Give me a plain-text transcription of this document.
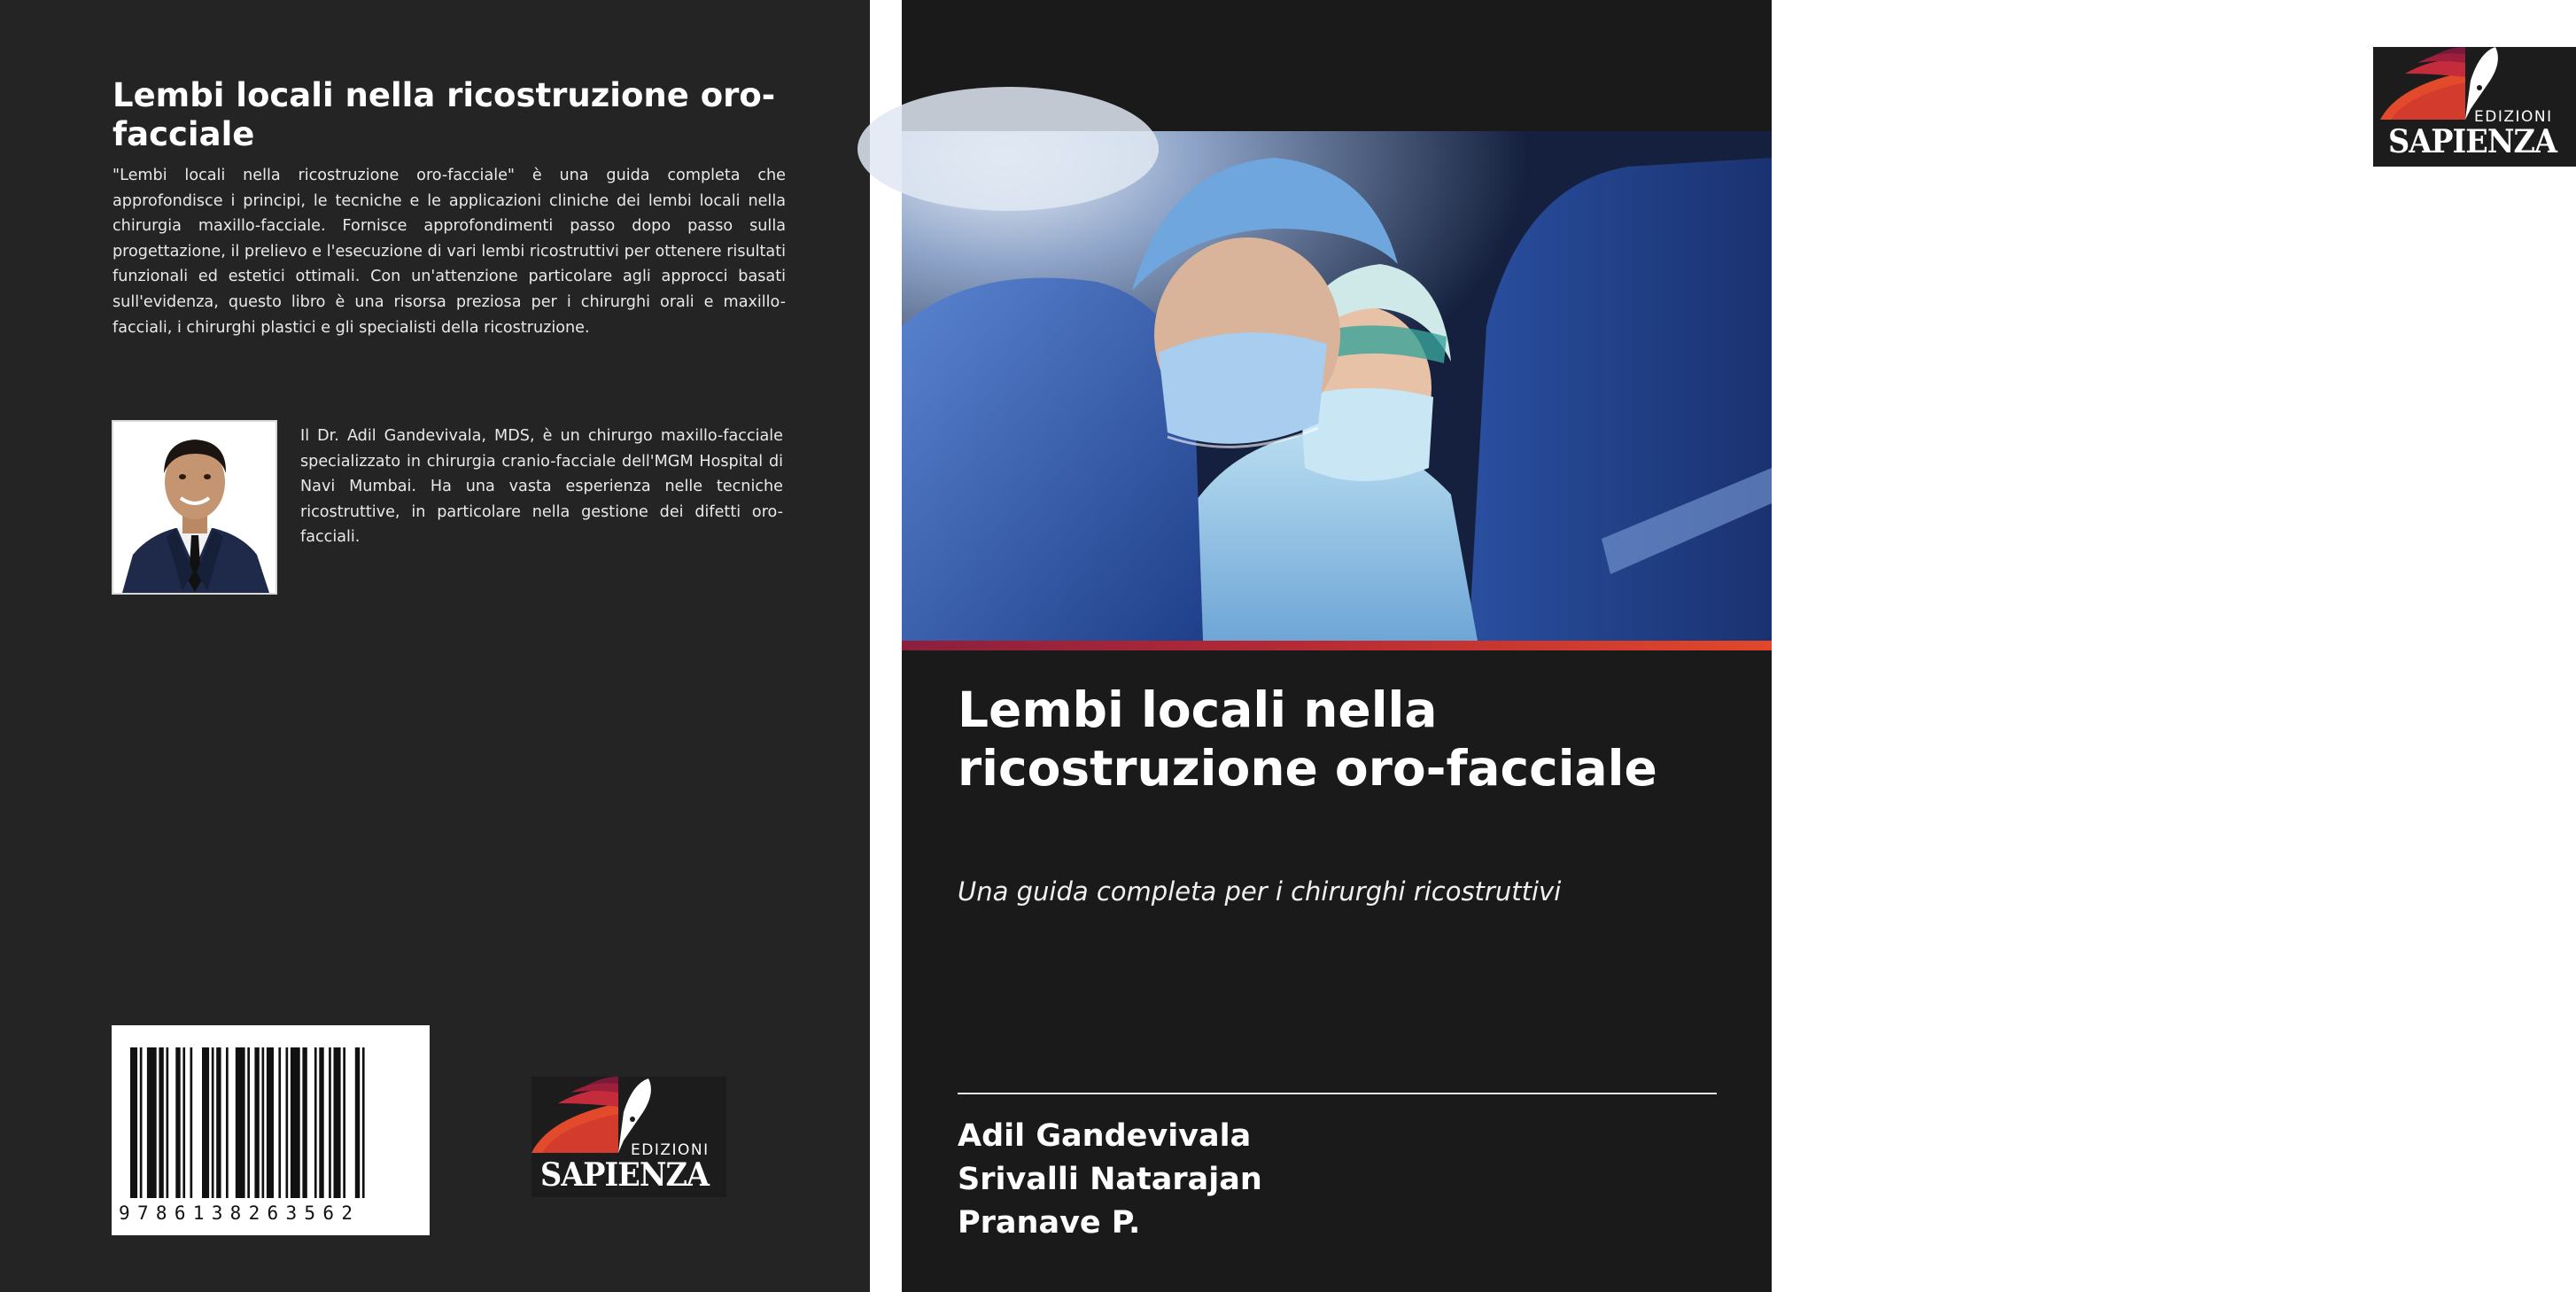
Lembi locali nella ricostruzione oro-facciale

"Lembi locali nella ricostruzione oro-facciale" è una guida completa che approfondisce i principi, le tecniche e le applicazioni cliniche dei lembi locali nella chirurgia maxillo-facciale. Fornisce approfondimenti passo dopo passo sulla progettazione, il prelievo e l'esecuzione di vari lembi ricostruttivi per ottenere risultati funzionali ed estetici ottimali. Con un'attenzione particolare agli approcci basati sull'evidenza, questo libro è una risorsa preziosa per i chirurghi orali e maxillo-facciali, i chirurghi plastici e gli specialisti della ricostruzione.

Il Dr. Adil Gandevivala, MDS, è un chirurgo maxillo-facciale specializzato in chirurgia cranio-facciale dell'MGM Hospital di Navi Mumbai. Ha una vasta esperienza nelle tecniche ricostruttive, in particolare nella gestione dei difetti oro-facciali.

9786138263562
EDIZIONI
SAPIENZA
EDIZIONI
SAPIENZA
Lembi locali nella ricostruzione oro-facciale

Una guida completa per i chirurghi ricostruttivi

Adil Gandevivala
Srivalli Natarajan
Pranave P.
